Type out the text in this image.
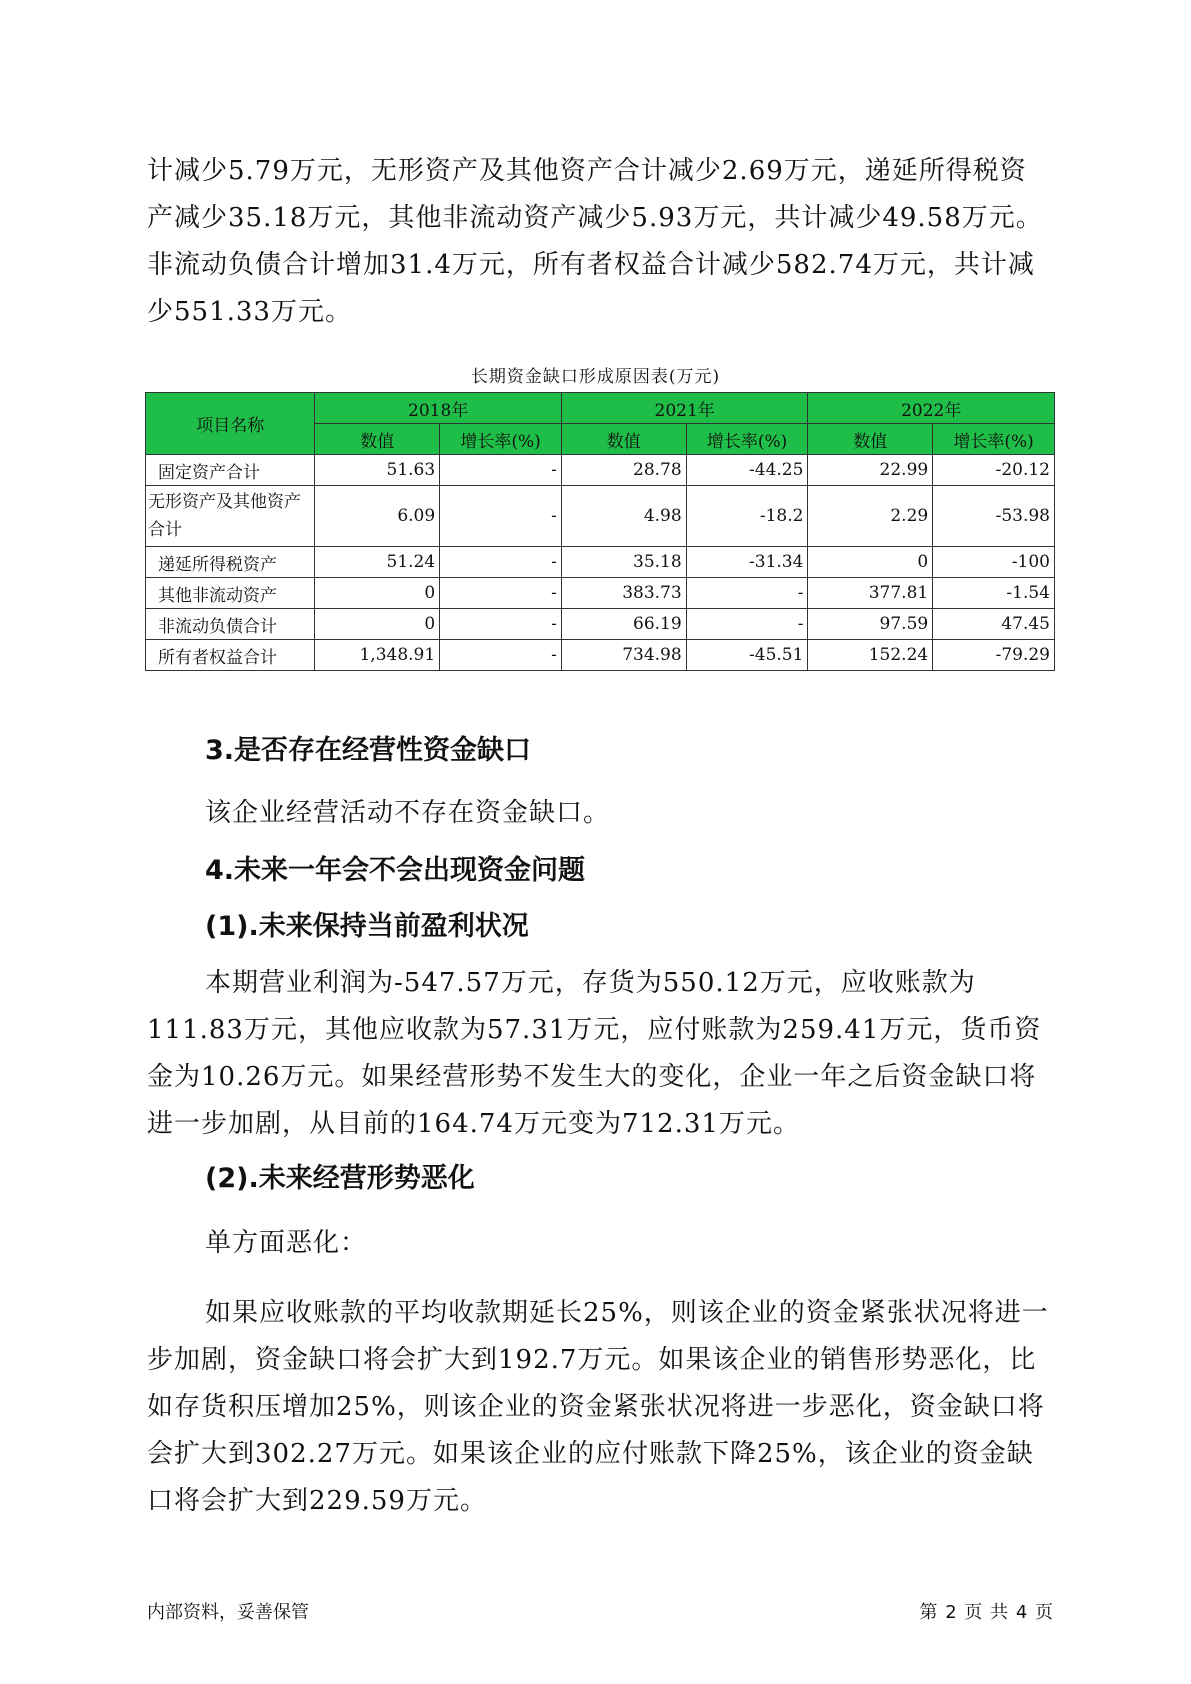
计减少5.79万元，无形资产及其他资产合计减少2.69万元，递延所得税资产减少35.18万元，其他非流动资产减少5.93万元，共计减少49.58万元。非流动负债合计增加31.4万元，所有者权益合计减少582.74万元，共计减少551.33万元。

长期资金缺口形成原因表(万元)
项目名称	2018年		2021年		2022年	
	数值	增长率(%)	数值	增长率(%)	数值	增长率(%)
固定资产合计	51.63	-	28.78	-44.25	22.99	-20.12
无形资产及其他资产合计	6.09	-	4.98	-18.2	2.29	-53.98
递延所得税资产	51.24	-	35.18	-31.34	0	-100
其他非流动资产	0	-	383.73	-	377.81	-1.54
非流动负债合计	0	-	66.19	-	97.59	47.45
所有者权益合计	1,348.91	-	734.98	-45.51	152.24	-79.29
3.是否存在经营性资金缺口

该企业经营活动不存在资金缺口。

4.未来一年会不会出现资金问题
(1).未来保持当前盈利状况

本期营业利润为-547.57万元，存货为550.12万元，应收账款为111.83万元，其他应收款为57.31万元，应付账款为259.41万元，货币资金为10.26万元。如果经营形势不发生大的变化，企业一年之后资金缺口将进一步加剧，从目前的164.74万元变为712.31万元。

(2).未来经营形势恶化

单方面恶化：

如果应收账款的平均收款期延长25%，则该企业的资金紧张状况将进一步加剧，资金缺口将会扩大到192.7万元。如果该企业的销售形势恶化，比如存货积压增加25%，则该企业的资金紧张状况将进一步恶化，资金缺口将会扩大到302.27万元。如果该企业的应付账款下降25%，该企业的资金缺口将会扩大到229.59万元。

内部资料，妥善保管	第 2 页 共 4 页
